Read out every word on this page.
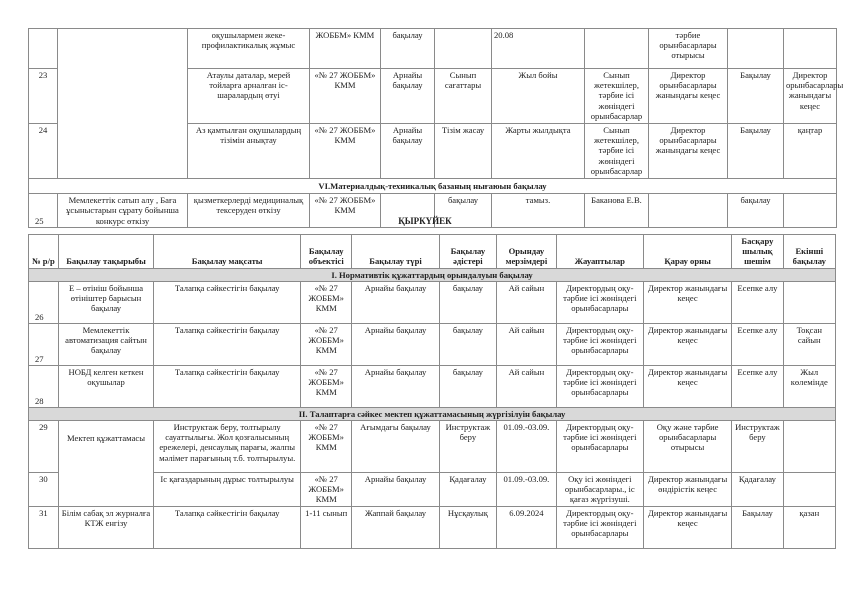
		оқушылармен жеке-профилактикалық жұмыс	ЖОББМ» КММ	бақылау		20.08		тәрбие орынбасарлары отырысы		
23		Атаулы даталар, мерей тойларға арналған іс-шаралардың өтуі	«№ 27 ЖОББМ» КММ	Арнайы бақылау	Сынып сағаттары	Жыл бойы	Сынып жетекшілер, тәрбие ісі жөніндегі орынбасарлар	Директор орынбасарлары жанындағы кеңес	Бақылау	Директор орынбасарлары жанындағы кеңес
24		Аз қамтылған оқушылардың тізімін анықтау	«№ 27 ЖОББМ» КММ	Арнайы бақылау	Тізім жасау	Жарты жылдықта	Сынып жетекшілер, тәрбие ісі жөніндегі орынбасарлар	Директор орынбасарлары жанындағы кеңес	Бақылау	қаңтар
VI.Материалдық-техникалық базаның нығаюын бақылау										
25	Мемлекеттік сатып алу , Баға ұсыныстарын сұрату бойынша конкурс өткізу	қызметкерлерді медициналық тексеруден өткізу	«№ 27 ЖОББМ» КММ		бақылау	тамыз.	Баканова Е.В.		бақылау	
ҚЫРКҮЙЕК
№ р/р	Бақылау тақырыбы	Бақылау мақсаты	Бақылау объектісі	Бақылау түрі	Бақылау әдістері	Орындау мерзімдері	Жауаптылар	Қарау орны	Басқару шылық шешім	Екінші бақылау
I. Нормативтік құжаттардың орындалуын бақылау										
26	Е – өтініш бойынша өтініштер барысын бақылау	Талапқа сәйкестігін бақылау	«№ 27 ЖОББМ» КММ	Арнайы бақылау	бақылау	Ай сайын	Директордың оқу-тәрбие ісі жөніндегі орынбасарлары	Директор жанындағы кеңес	Есепке алу	
27	Мемлекеттік автоматизация сайтын бақылау	Талапқа сәйкестігін бақылау	«№ 27 ЖОББМ» КММ	Арнайы бақылау	бақылау	Ай сайын	Директордың оқу-тәрбие ісі жөніндегі орынбасарлары	Директор жанындағы кеңес	Есепке алу	Тоқсан сайын
28	НОБД келген кеткен оқушылар	Талапқа сәйкестігін бақылау	«№ 27 ЖОББМ» КММ	Арнайы бақылау	бақылау	Ай сайын	Директордың оқу-тәрбие ісі жөніндегі орынбасарлары	Директор жанындағы кеңес	Есепке алу	Жыл көлемінде
II. Талаптарға сәйкес мектеп құжаттамасының жүргізілуін бақылау										
29	Мектеп құжаттамасы	Инструктаж беру, толтырылу сауаттылығы. Жол қозғалысының ережелері, денсаулық парағы, жалпы мәлімет парағының т.б. толтырылуы.	«№ 27 ЖОББМ» КММ	Ағымдағы бақылау	Инструктаж беру	01.09.-03.09.	Директордың оқу-тәрбие ісі жөніндегі орынбасарлары	Оқу және тәрбие орынбасарлары отырысы	Инструктаж беру	
30		Іс қағаздарының дұрыс толтырылуы	«№ 27 ЖОББМ» КММ	Арнайы бақылау	Қадағалау	01.09.-03.09.	Оқу ісі жөніндегі орынбасарлары., іс қағаз жүргізуші.	Директор жанындағы өндірістік кеңес	Қадағалау	
31	Білім сабақ эл журналға КТЖ енгізу	Талапқа сәйкестігін бақылау	1-11 сынып	Жаппай бақылау	Нұсқаулық	6.09.2024	Директордың оқу-тәрбие ісі жөніндегі орынбасарлары	Директор жанындағы кеңес	Бақылау	қазан
